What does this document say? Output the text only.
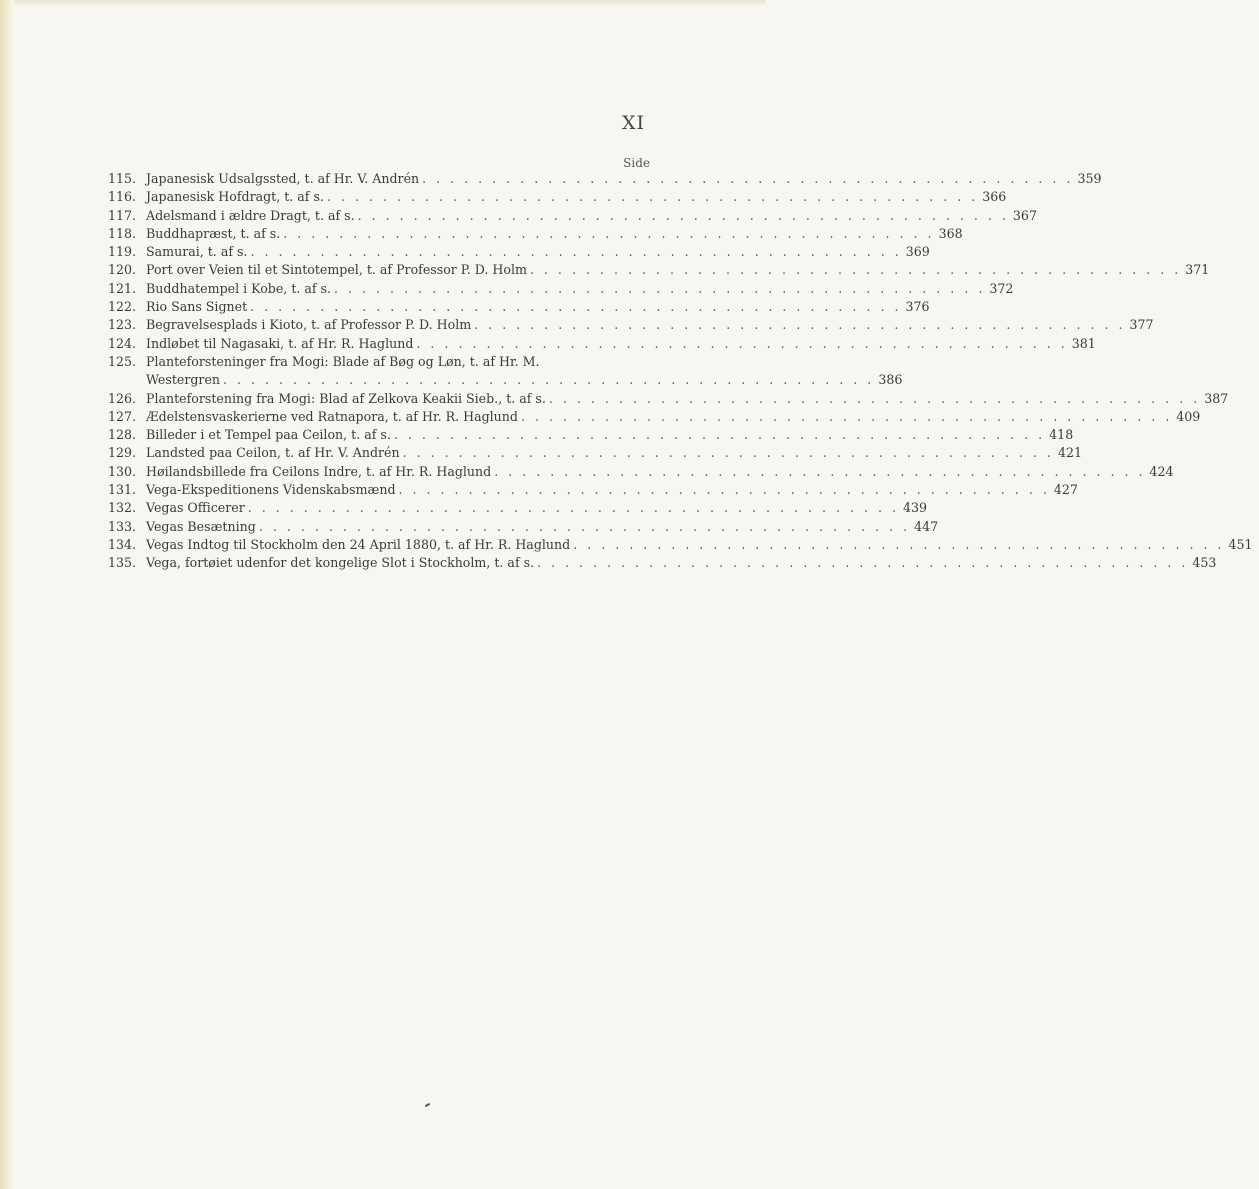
XI
Side
115. Japanesisk Udsalgssted, t. af Hr. V. Andrén . . .	359
116. Japanesisk Hofdragt, t. af s. . . .	366
117. Adelsmand i ældre Dragt, t. af s. . . .	367
118. Buddhapræst, t. af s. . . .	368
119. Samurai, t. af s. . . .	369
120. Port over Veien til et Sintotempel, t. af Professor P. D. Holm . . .	371
121. Buddhatempel i Kobe, t. af s. . . .	372
122. Rio Sans Signet . . .	376
123. Begravelsesplads i Kioto, t. af Professor P. D. Holm . . .	377
124. Indløbet til Nagasaki, t. af Hr. R. Haglund . . .	381
125. Planteforsteninger fra Mogi: Blade af Bøg og Løn, t. af Hr. M.
Westergren . . .	386
126. Planteforstening fra Mogi: Blad af Zelkova Keakii Sieb., t. af s. . . .	387
127. Ædelstensvaskerierne ved Ratnapora, t. af Hr. R. Haglund . . .	409
128. Billeder i et Tempel paa Ceilon, t. af s. . . .	418
129. Landsted paa Ceilon, t. af Hr. V. Andrén . . .	421
130. Høilandsbillede fra Ceilons Indre, t. af Hr. R. Haglund . . .	424
131. Vega-Ekspeditionens Videnskabsmænd . . .	427
132. Vegas Officerer . . .	439
133. Vegas Besætning . . .	447
134. Vegas Indtog til Stockholm den 24 April 1880, t. af Hr. R. Haglund . . .	451
135. Vega, fortøiet udenfor det kongelige Slot i Stockholm, t. af s. . . .	453
